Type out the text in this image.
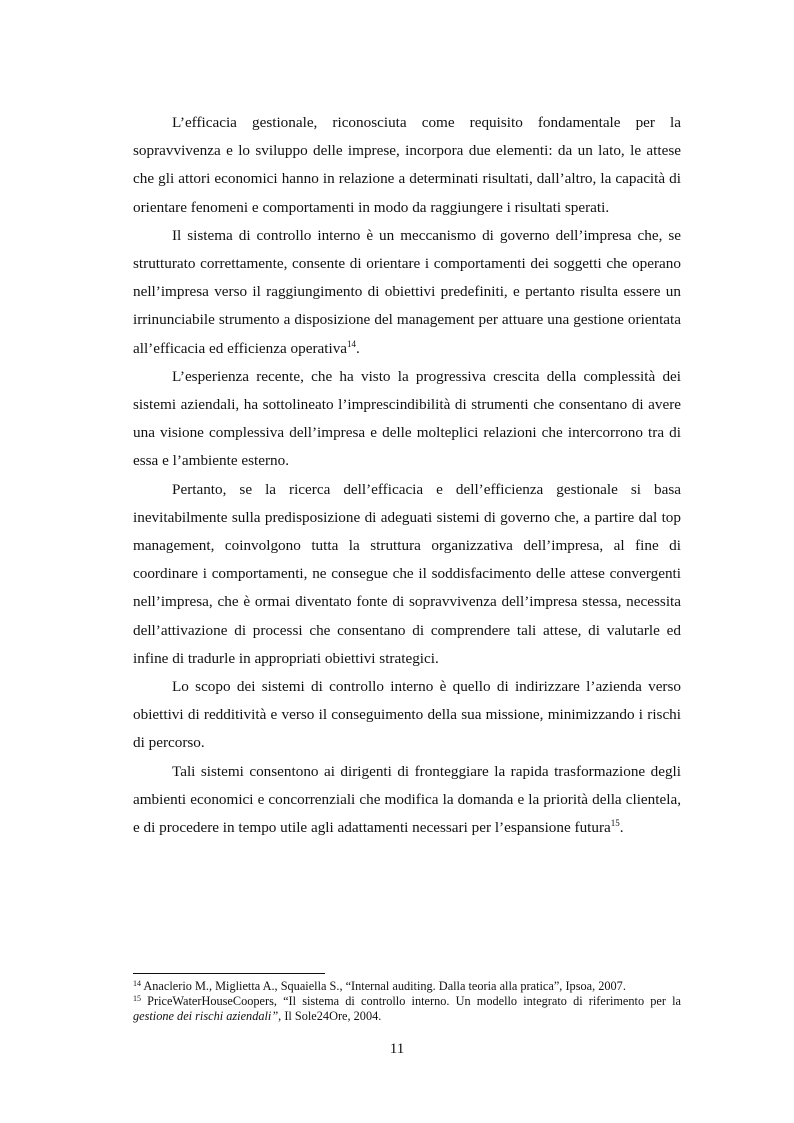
L’efficacia gestionale, riconosciuta come requisito fondamentale per la sopravvivenza e lo sviluppo delle imprese, incorpora due elementi: da un lato, le attese che gli attori economici hanno in relazione a determinati risultati, dall’altro, la capacità di orientare fenomeni e comportamenti in modo da raggiungere i risultati sperati.

Il sistema di controllo interno è un meccanismo di governo dell’impresa che, se strutturato correttamente, consente di orientare i comportamenti dei soggetti che operano nell’impresa verso il raggiungimento di obiettivi predefiniti, e pertanto risulta essere un irrinunciabile strumento a disposizione del management per attuare una gestione orientata all’efficacia ed efficienza operativa$^{14}$.

L’esperienza recente, che ha visto la progressiva crescita della complessità dei sistemi aziendali, ha sottolineato l’imprescindibilità di strumenti che consentano di avere una visione complessiva dell’impresa e delle molteplici relazioni che intercorrono tra di essa e l’ambiente esterno.

Pertanto, se la ricerca dell’efficacia e dell’efficienza gestionale si basa inevitabilmente sulla predisposizione di adeguati sistemi di governo che, a partire dal top management, coinvolgono tutta la struttura organizzativa dell’impresa, al fine di coordinare i comportamenti, ne consegue che il soddisfacimento delle attese convergenti nell’impresa, che è ormai diventato fonte di sopravvivenza dell’impresa stessa, necessita dell’attivazione di processi che consentano di comprendere tali attese, di valutarle ed infine di tradurle in appropriati obiettivi strategici.

Lo scopo dei sistemi di controllo interno è quello di indirizzare l’azienda verso obiettivi di redditività e verso il conseguimento della sua missione, minimizzando i rischi di percorso.

Tali sistemi consentono ai dirigenti di fronteggiare la rapida trasformazione degli ambienti economici e concorrenziali che modifica la domanda e la priorità della clientela, e di procedere in tempo utile agli adattamenti necessari per l’espansione futura$^{15}$.

$^{14}$ Anaclerio M., Miglietta A., Squaiella S., “Internal auditing. Dalla teoria alla pratica”, Ipsoa, 2007.

$^{15}$ PriceWaterHouseCoopers, “Il sistema di controllo interno. Un modello integrato di riferimento per la gestione dei rischi aziendali”, Il Sole24Ore, 2004.

11
